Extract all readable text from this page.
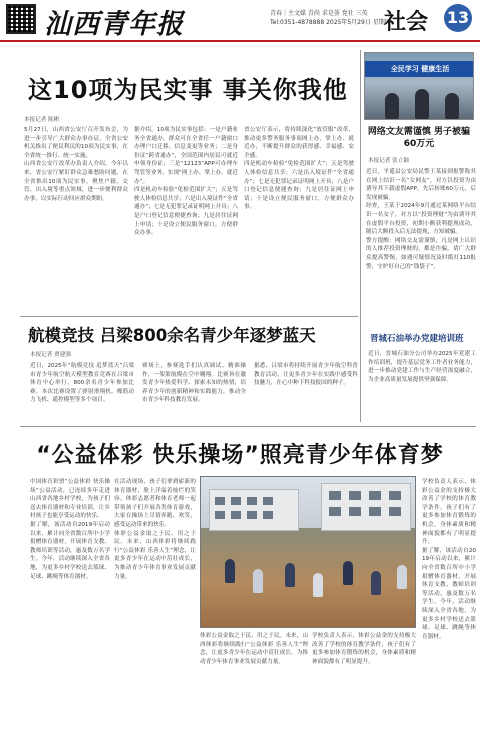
汕西青年报	青春｜主文媒 青尚 求是荟 党社 三英
Tel:0351-4878888 2025年5月29日 星期四
社会 13
这10项为民实事 事关你我他
本报记者 陈彬

5月27日，山西省公安厅召开发布会，为进一步引导广大群众办事办证，全省公安机关推出了便民利民的10项为民实事，在全省统一推行、统一实施。

山西省公安厅改革办负责人介绍，今年以来，省公安厅紧盯群众急难愁盼问题，在全省推出10项为民实事，聚焦户籍、交管、出入境等重点领域，进一步便利群众办事，以实际行动回应群众期盼。

据介绍，10项为民实事包括：一是户籍业务全省通办，群众可在全省任一户籍窗口办理户口迁移、信息变更等业务；二是身份证“跨省通办”，全国范围内居民可就近申领身份证；三是“12123”APP可办理车驾管等业务，实现“网上办、掌上办、就近办”。

四是机动车检验“免检范围扩大”；五是驾驶人体检信息共享；六是出入境证件“全省通办”；七是无犯罪记录证明网上开具；八是户口登记信息便捷查询；九是居住证网上申请；十是设立便民服务窗口，方便群众办事。

省公安厅表示，将持续深化“放管服”改革，推动更多警务服务事项网上办、掌上办、就近办，不断提升群众的获得感、幸福感、安全感。

四是机动车检验“免检范围扩大”；五是驾驶人体检信息共享；六是出入境证件“全省通办”；七是无犯罪记录证明网上开具；八是户口登记信息便捷查询；九是居住证网上申请；十是设立便民服务窗口，方便群众办事。

全民学习 健康生活
网络文友需谨慎 男子被骗60万元
本报记者 张立颖

近日，平遥县公安局民警王某接到报警称其在网上结识一名“女网友”，对方以投资为由诱导其下载虚假APP，先后转账60万元，后发现被骗。

经查，王某于2024年9月通过某网络平台结识一名女子，对方以“投资理财”为由诱导其在虚假平台投资，初期小额获利提现成功，随后大额投入后无法提现，方知被骗。

警方提醒：网络交友需谨慎，凡是网上认识的人推荐投资理财的，都是诈骗。请广大群众提高警惕，如遇可疑情况及时拨打110报警，守护好自己的“钱袋子”。

航模竞技 吕梁800余名青少年逐梦蓝天
本报记者 贾建强

近日，2025年“航模竞技 追梦蓝天”吕梁市青少年航空航天模型教育竞赛在吕梁市体育中心举行，800余名青少年参加比赛。本次比赛设置了弹射滑翔机、橡筋动力飞机、遥控模型等多个项目。

赛场上，参赛选手们认真调试、精准操作，一架架航模在空中翱翔。比赛旨在激发青少年热爱科学、探索未知的热情，培养青少年的创新精神和实践能力，推动全市青少年科技教育发展。

据悉，吕梁市将持续开展青少年航空科普教育活动，让更多青少年在实践中感受科技魅力，在心中种下科技报国的种子。

晋城石油举办党建培训班

近日，晋城石油分公司举办2025年党建工作培训班，提升基层党务工作者业务能力，进一步推动党建工作与生产经营深度融合，为企业高质量发展提供坚强保障。

“公益体彩 快乐操场”照亮青少年体育梦

中国体育彩票“公益体彩 快乐操场”公益活动，已连续多年走进山西省各地乡村学校，为孩子们送去体育器材和专业培训，让乡村孩子也能享受运动的快乐。

据了解，该活动自2019年启动以来，累计向全省数百所中小学捐赠体育器材，开展体育支教、教师培训等活动，惠及数万名学生。今年，活动继续深入全省各地，为更多乡村学校送去篮球、足球、跳绳等体育器材。

在活动现场，孩子们拿到崭新的体育器材，脸上洋溢着灿烂的笑容。体彩志愿者和体育老师一起带领孩子们开展各类体育游戏，大家在操场上尽情奔跑、欢笑，感受运动带来的快乐。

体彩公益金取之于民、用之于民。未来，山西体彩将继续践行“公益体彩 乐善人生”理念，让更多青少年在运动中茁壮成长，为推动青少年体育事业发展贡献力量。

体彩公益金取之于民、用之于民。未来，山西体彩将继续践行“公益体彩 乐善人生”理念，让更多青少年在运动中茁壮成长，为推动青少年体育事业发展贡献力量。

学校负责人表示，体彩公益金的支持极大改善了学校的体育教学条件，孩子们有了更多参加体育锻炼的机会，身体素质和精神面貌都有了明显提升。

学校负责人表示，体彩公益金的支持极大改善了学校的体育教学条件，孩子们有了更多参加体育锻炼的机会，身体素质和精神面貌都有了明显提升。

据了解，该活动自2019年启动以来，累计向全省数百所中小学捐赠体育器材，开展体育支教、教师培训等活动，惠及数万名学生。今年，活动继续深入全省各地，为更多乡村学校送去篮球、足球、跳绳等体育器材。
